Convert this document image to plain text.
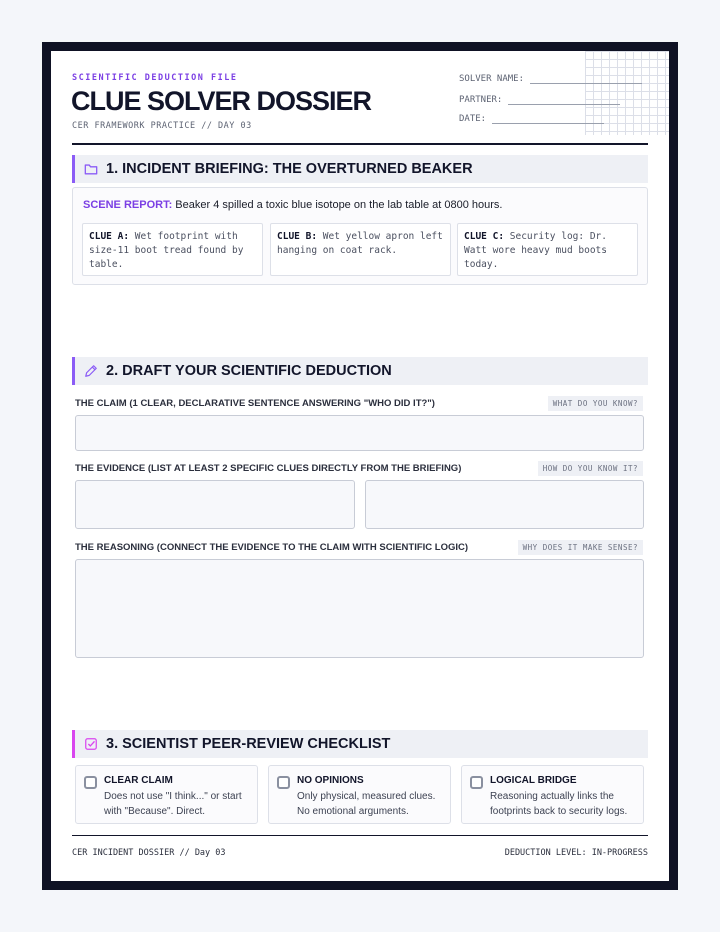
SCIENTIFIC DEDUCTION FILE
CLUE SOLVER DOSSIER
CER FRAMEWORK PRACTICE // DAY 03
SOLVER NAME:
PARTNER:
DATE:
1. INCIDENT BRIEFING: THE OVERTURNED BEAKER
SCENE REPORT: Beaker 4 spilled a toxic blue isotope on the lab table at 0800 hours.
CLUE A: Wet footprint with size-11 boot tread found by table.
CLUE B: Wet yellow apron left hanging on coat rack.
CLUE C: Security log: Dr. Watt wore heavy mud boots today.
2. DRAFT YOUR SCIENTIFIC DEDUCTION
THE CLAIM (1 CLEAR, DECLARATIVE SENTENCE ANSWERING "WHO DID IT?")	WHAT DO YOU KNOW?
THE EVIDENCE (LIST AT LEAST 2 SPECIFIC CLUES DIRECTLY FROM THE BRIEFING)	HOW DO YOU KNOW IT?
THE REASONING (CONNECT THE EVIDENCE TO THE CLAIM WITH SCIENTIFIC LOGIC)	WHY DOES IT MAKE SENSE?
3. SCIENTIST PEER-REVIEW CHECKLIST
CLEAR CLAIM
Does not use "I think..." or start with "Because". Direct.
NO OPINIONS
Only physical, measured clues. No emotional arguments.
LOGICAL BRIDGE
Reasoning actually links the footprints back to security logs.
CER INCIDENT DOSSIER // Day 03	DEDUCTION LEVEL: IN-PROGRESS
